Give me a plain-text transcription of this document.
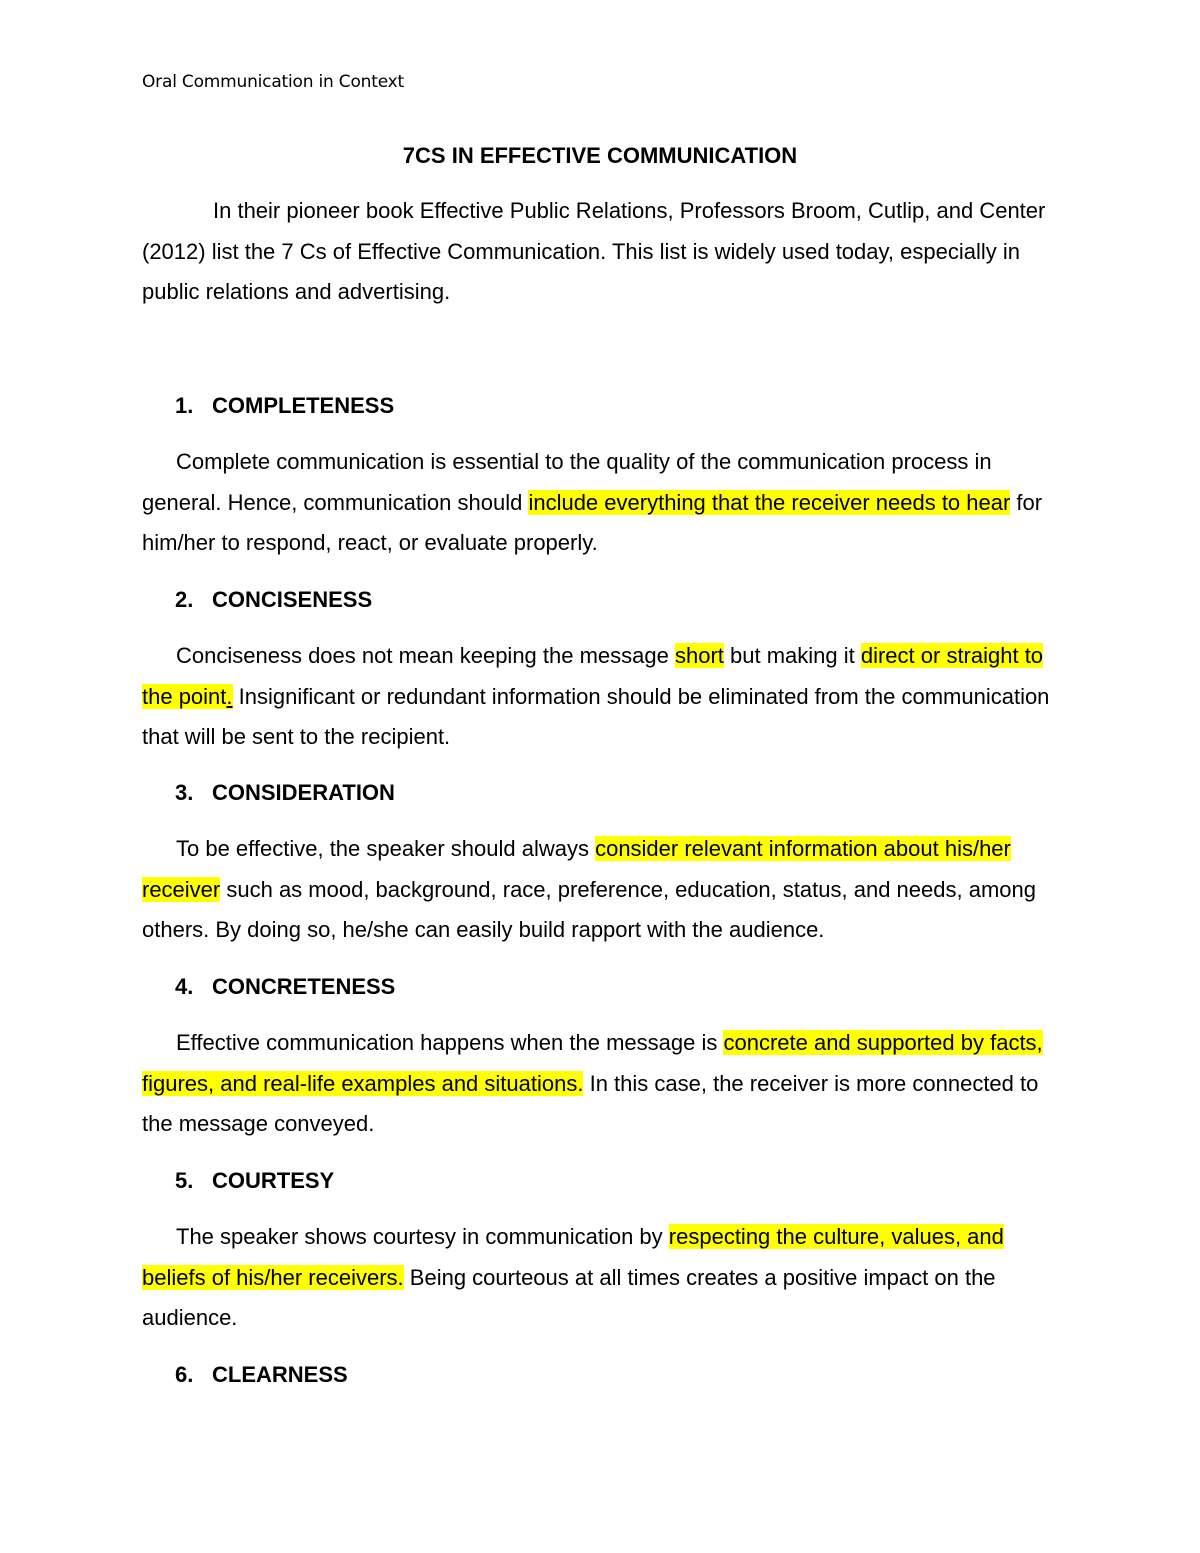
Oral Communication in Context
7CS IN EFFECTIVE COMMUNICATION

In their pioneer book Effective Public Relations, Professors Broom, Cutlip, and Center (2012) list the 7 Cs of Effective Communication. This list is widely used today, especially in public relations and advertising.

1. COMPLETENESS

Complete communication is essential to the quality of the communication process in general. Hence, communication should include everything that the receiver needs to hear for him/her to respond, react, or evaluate properly.

2. CONCISENESS

Conciseness does not mean keeping the message short but making it direct or straight to the point. Insignificant or redundant information should be eliminated from the communication that will be sent to the recipient.

3. CONSIDERATION

To be effective, the speaker should always consider relevant information about his/her receiver such as mood, background, race, preference, education, status, and needs, among others. By doing so, he/she can easily build rapport with the audience.

4. CONCRETENESS

Effective communication happens when the message is concrete and supported by facts, figures, and real-life examples and situations. In this case, the receiver is more connected to the message conveyed.

5. COURTESY

The speaker shows courtesy in communication by respecting the culture, values, and beliefs of his/her receivers. Being courteous at all times creates a positive impact on the audience.

6. CLEARNESS
